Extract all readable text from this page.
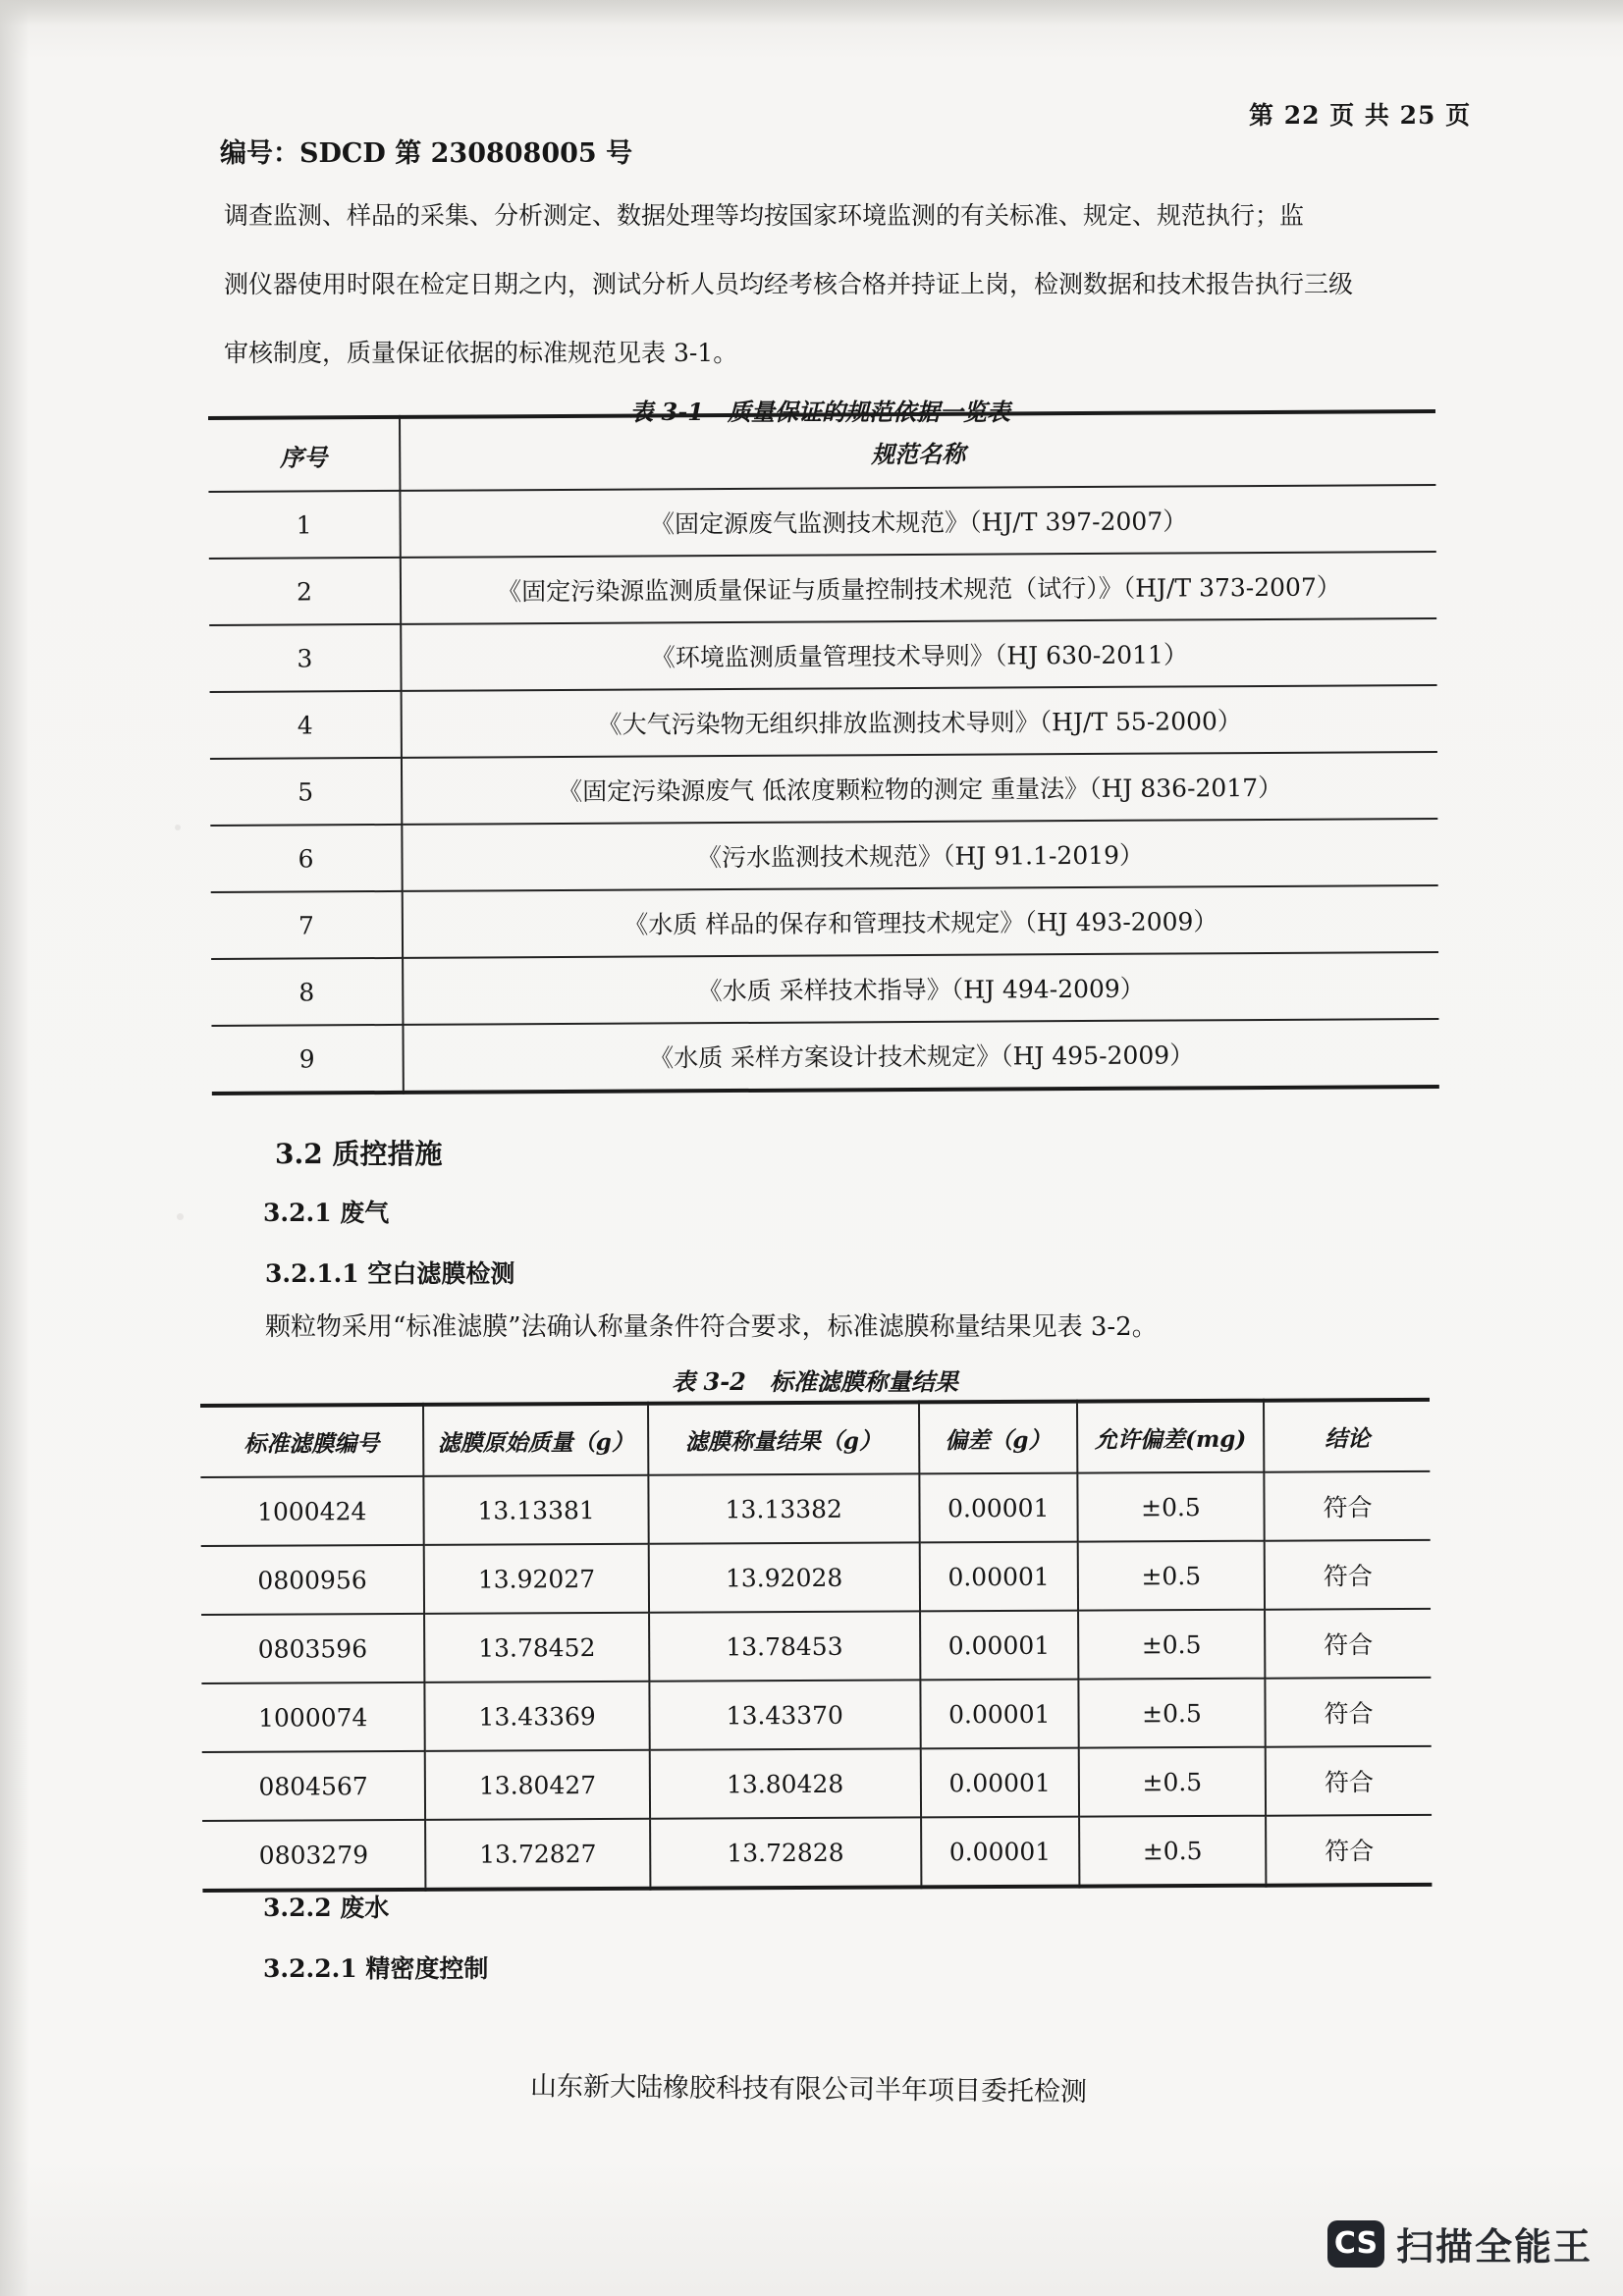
第 22 页 共 25 页
编号：SDCD 第 230808005 号
调查监测、样品的采集、分析测定、数据处理等均按国家环境监测的有关标准、规定、规范执行；监
测仪器使用时限在检定日期之内，测试分析人员均经考核合格并持证上岗，检测数据和技术报告执行三级
审核制度，质量保证依据的标准规范见表 3-1。
表 3-1　质量保证的规范依据一览表
序号	规范名称
1	《固定源废气监测技术规范》（HJ/T 397-2007）
2	《固定污染源监测质量保证与质量控制技术规范（试行）》（HJ/T 373-2007）
3	《环境监测质量管理技术导则》（HJ 630-2011）
4	《大气污染物无组织排放监测技术导则》（HJ/T 55-2000）
5	《固定污染源废气 低浓度颗粒物的测定 重量法》（HJ 836-2017）
6	《污水监测技术规范》（HJ 91.1-2019）
7	《水质 样品的保存和管理技术规定》（HJ 493-2009）
8	《水质 采样技术指导》（HJ 494-2009）
9	《水质 采样方案设计技术规定》（HJ 495-2009）
3.2 质控措施
3.2.1 废气
3.2.1.1 空白滤膜检测
颗粒物采用“标准滤膜”法确认称量条件符合要求，标准滤膜称量结果见表 3-2。
表 3-2　标准滤膜称量结果
标准滤膜编号	滤膜原始质量（g）	滤膜称量结果（g）	偏差（g）	允许偏差(mg)	结论
1000424	13.13381	13.13382	0.00001	±0.5	符合
0800956	13.92027	13.92028	0.00001	±0.5	符合
0803596	13.78452	13.78453	0.00001	±0.5	符合
1000074	13.43369	13.43370	0.00001	±0.5	符合
0804567	13.80427	13.80428	0.00001	±0.5	符合
0803279	13.72827	13.72828	0.00001	±0.5	符合
3.2.2 废水
3.2.2.1 精密度控制
山东新大陆橡胶科技有限公司半年项目委托检测
CS 扫描全能王
